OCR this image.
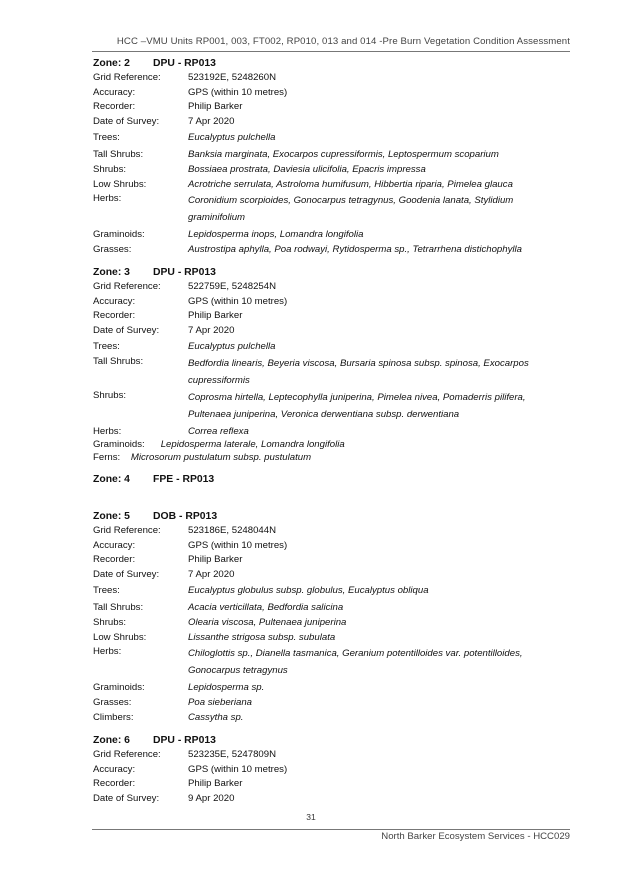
HCC –VMU Units RP001, 003, FT002, RP010, 013 and 014 -Pre Burn Vegetation Condition Assessment
Zone: 2 DPU - RP013
Grid Reference:	523192E, 5248260N
Accuracy:	GPS (within 10 metres)
Recorder:	Philip Barker
Date of Survey:	7 Apr 2020
Trees:	Eucalyptus pulchella
Tall Shrubs:	Banksia marginata, Exocarpos cupressiformis, Leptospermum scoparium
Shrubs:	Bossiaea prostrata, Daviesia ulicifolia, Epacris impressa
Low Shrubs:	Acrotriche serrulata, Astroloma humifusum, Hibbertia riparia, Pimelea glauca
Herbs:	Coronidium scorpioides, Gonocarpus tetragynus, Goodenia lanata, Stylidium
graminifolium
Graminoids:	Lepidosperma inops, Lomandra longifolia
Grasses:	Austrostipa aphylla, Poa rodwayi, Rytidosperma sp., Tetrarrhena distichophylla
Zone: 3 DPU - RP013
Grid Reference:	522759E, 5248254N
Accuracy:	GPS (within 10 metres)
Recorder:	Philip Barker
Date of Survey:	7 Apr 2020
Trees:	Eucalyptus pulchella
Tall Shrubs:	Bedfordia linearis, Beyeria viscosa, Bursaria spinosa subsp. spinosa, Exocarpos
cupressiformis
Shrubs:	Coprosma hirtella, Leptecophylla juniperina, Pimelea nivea, Pomaderris pilifera,
Pultenaea juniperina, Veronica derwentiana subsp. derwentiana
Herbs:	Correa reflexa
Graminoids: Lepidosperma laterale, Lomandra longifolia
Ferns: Microsorum pustulatum subsp. pustulatum
Zone: 4 FPE - RP013
Zone: 5 DOB - RP013
Grid Reference:	523186E, 5248044N
Accuracy:	GPS (within 10 metres)
Recorder:	Philip Barker
Date of Survey:	7 Apr 2020
Trees:	Eucalyptus globulus subsp. globulus, Eucalyptus obliqua
Tall Shrubs:	Acacia verticillata, Bedfordia salicina
Shrubs:	Olearia viscosa, Pultenaea juniperina
Low Shrubs:	Lissanthe strigosa subsp. subulata
Herbs:	Chiloglottis sp., Dianella tasmanica, Geranium potentilloides var. potentilloides,
Gonocarpus tetragynus
Graminoids:	Lepidosperma sp.
Grasses:	Poa sieberiana
Climbers:	Cassytha sp.
Zone: 6 DPU - RP013
Grid Reference:	523235E, 5247809N
Accuracy:	GPS (within 10 metres)
Recorder:	Philip Barker
Date of Survey:	9 Apr 2020
31
North Barker Ecosystem Services - HCC029
